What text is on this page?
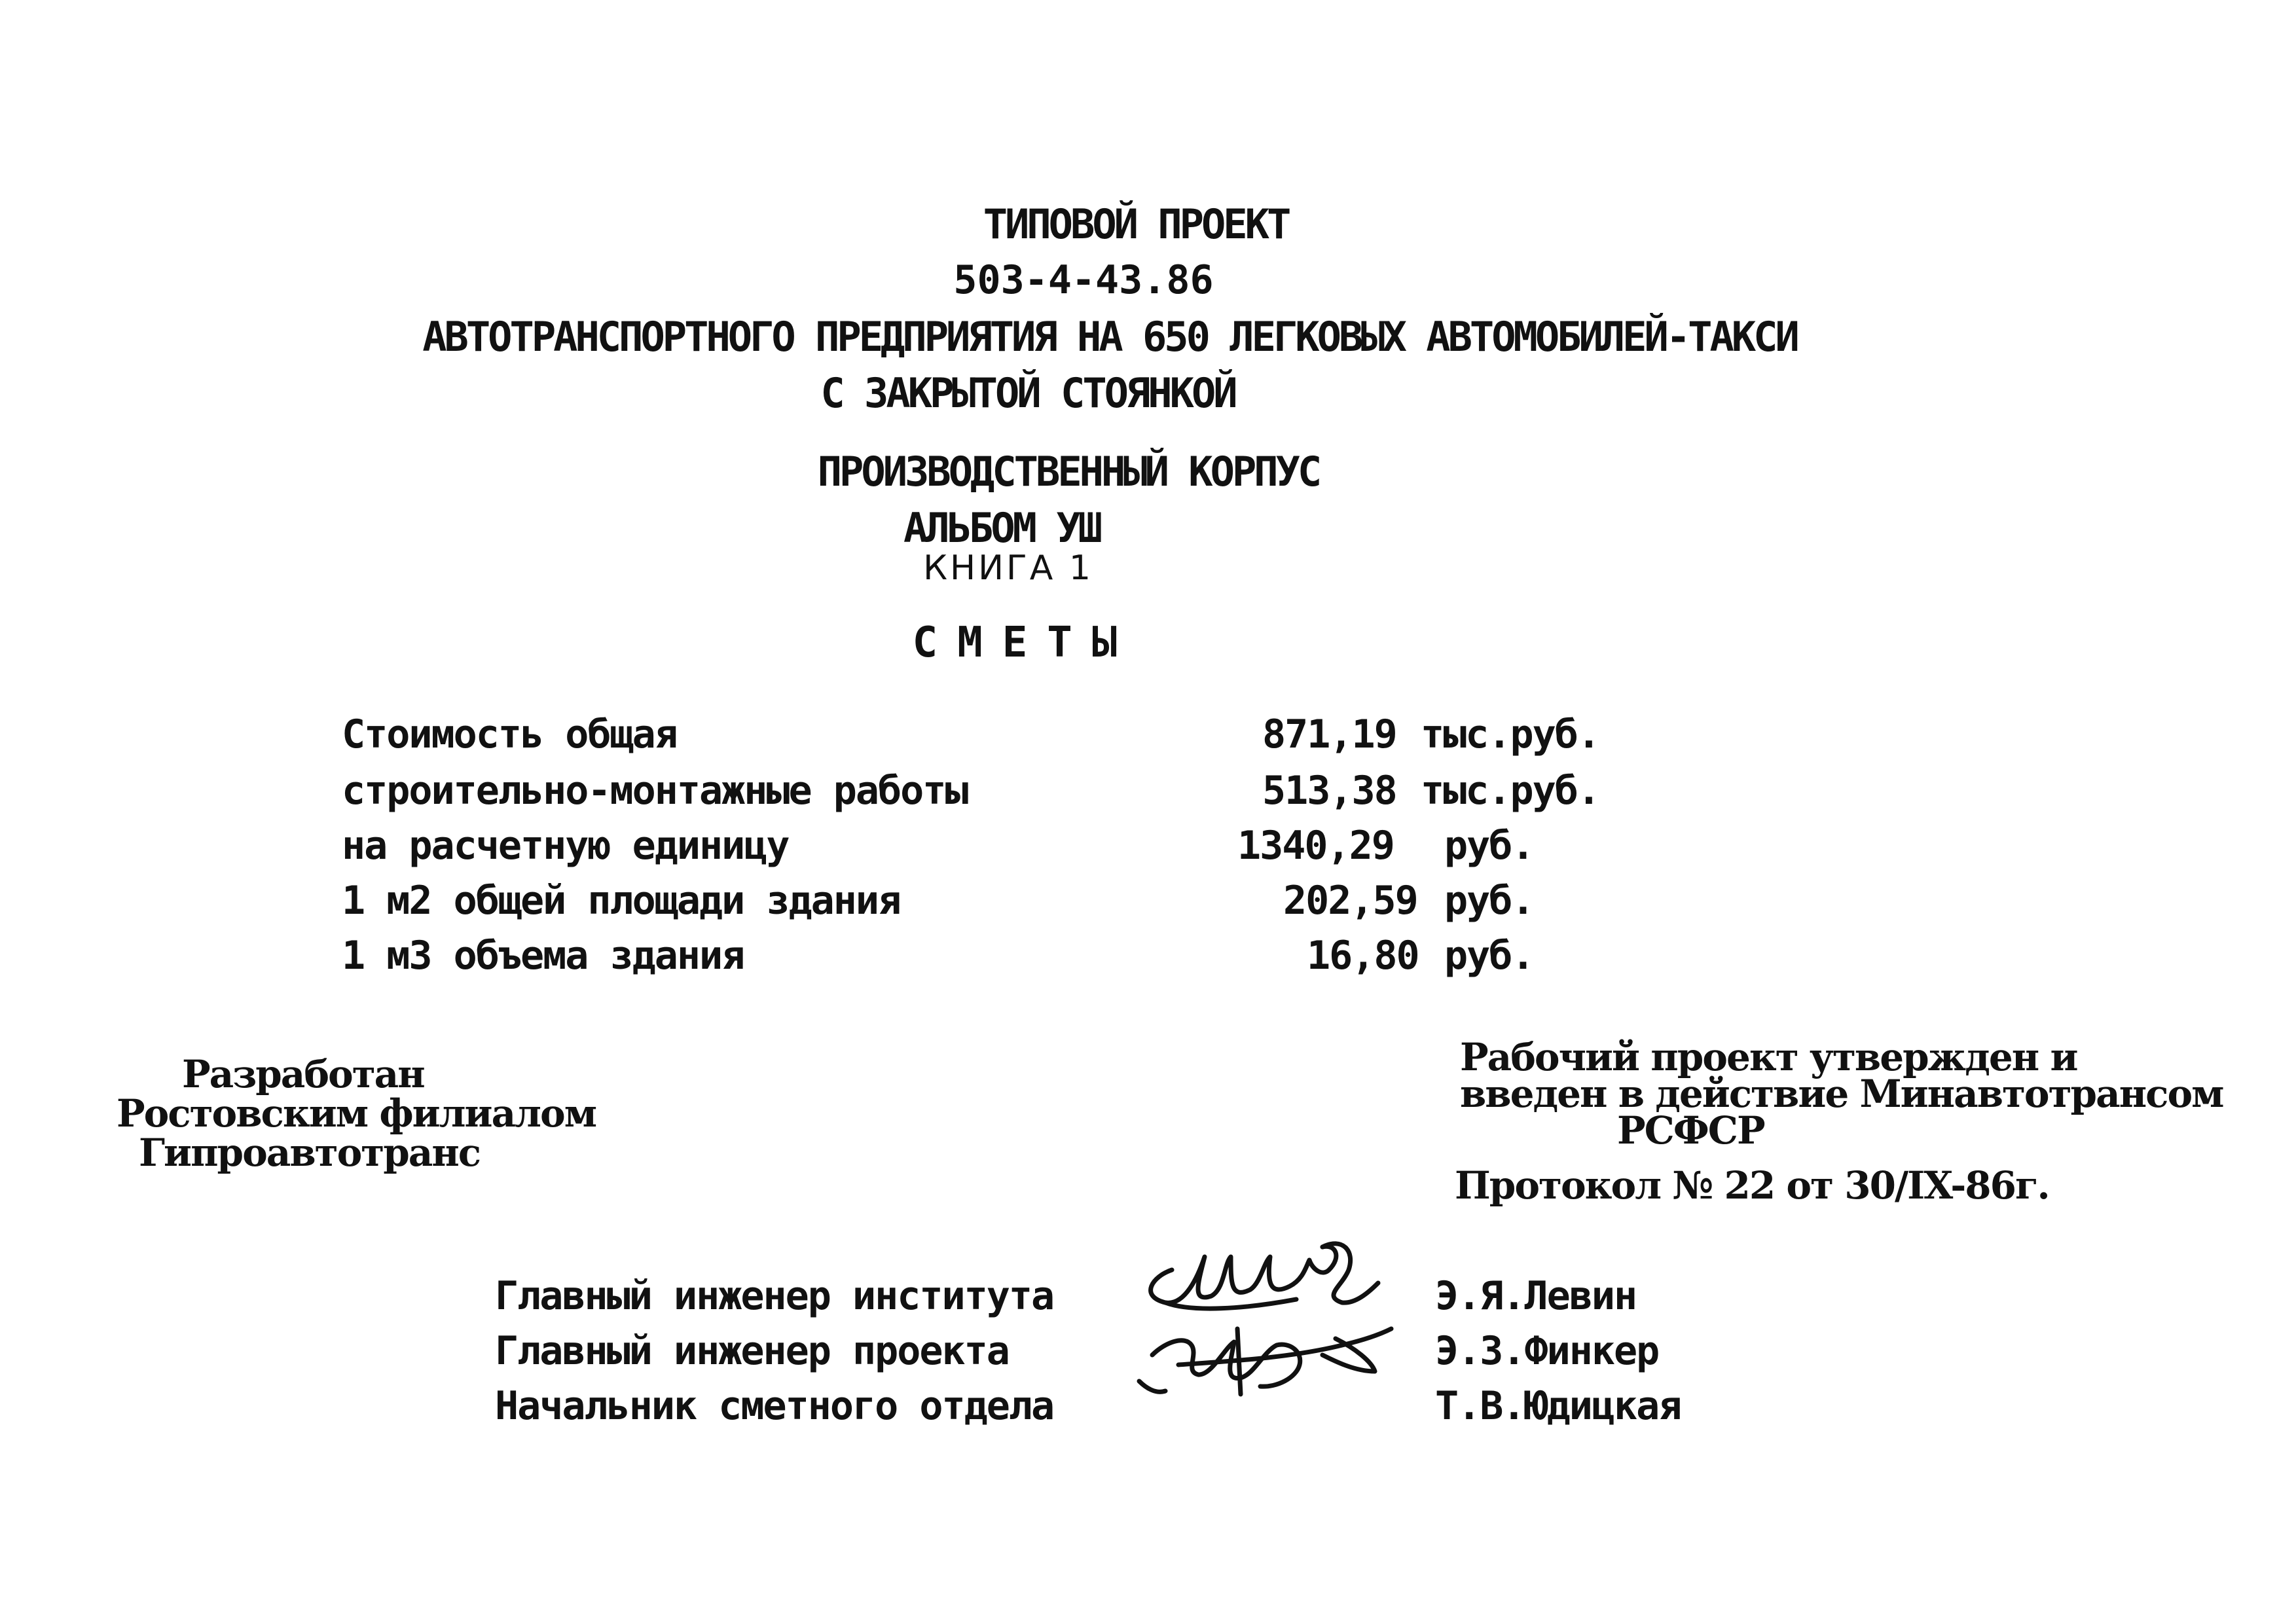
ТИПОВОЙ ПРОЕКТ
503-4-43.86
АВТОТРАНСПОРТНОГО ПРЕДПРИЯТИЯ НА 650 ЛЕГКОВЫХ АВТОМОБИЛЕЙ-ТАКСИ
С ЗАКРЫТОЙ СТОЯНКОЙ
ПРОИЗВОДСТВЕННЫЙ КОРПУС
АЛЬБОМ УШ
КНИГА 1
СМЕТЫ
Стоимость общая	871,19 тыс.руб.
строительно-монтажные работы	513,38 тыс.руб.
на расчетную единицу	1340,29 руб.
1 м2 общей площади здания	202,59 руб.
1 м3 объема здания	16,80 руб.
Разработан
Ростовским филиалом
Гипроавтотранс
Рабочий проект утвержден и
введен в действие Минавтотрансом
РСФСР
Протокол № 22 от 30/IX-86г.
Главный инженер института	Э.Я.Левин
Главный инженер проекта	Э.З.Финкер
Начальник сметного отдела	Т.В.Юдицкая
